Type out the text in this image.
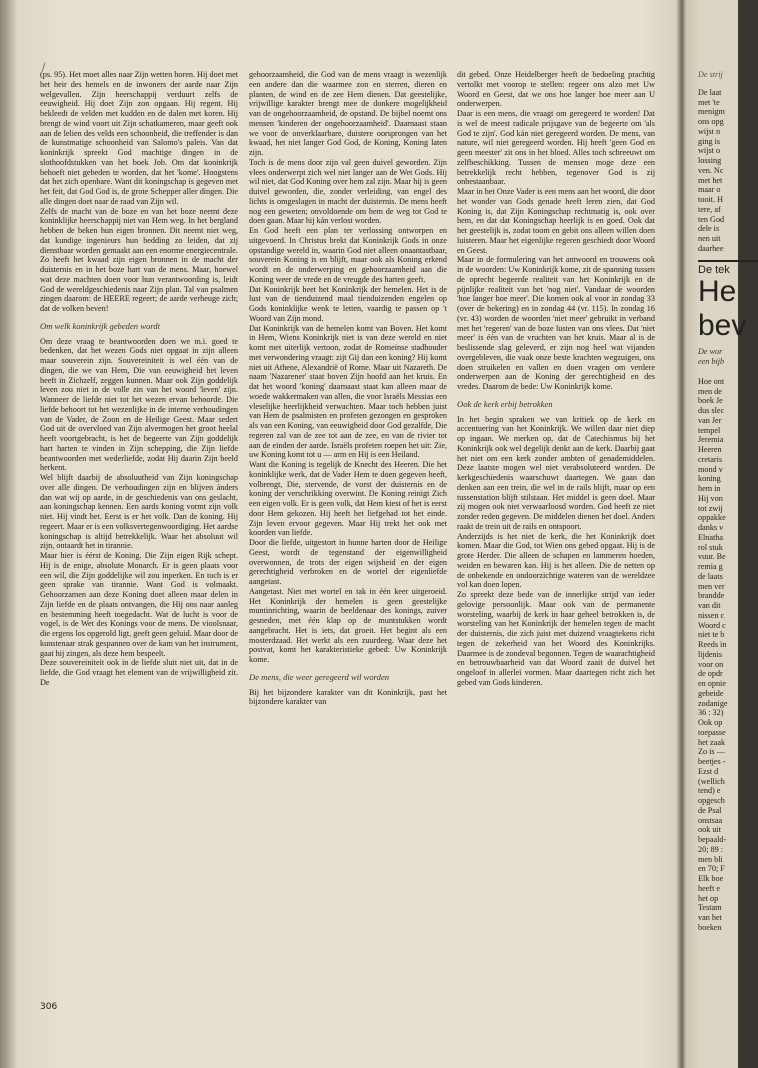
/

(ps. 95). Het moet alles naar Zijn wetten horen. Hij doet met het heir des hemels en de inwoners der aarde naar Zijn welgevallen. Zijn heerschappij verduurt zelfs de eeuwigheid. Hij doet Zijn zon opgaan. Hij regent. Hij bekleedt de velden met kudden en de dalen met koren. Hij brengt de wind voort uit Zijn schatkameren, maar geeft ook aan de lelien des velds een schoonheid, die treffender is dan de kunstmatige schoonheid van Salomo's paleis. Van dat koninkrijk spreekt God machtige dingen in de slothoofdstukken van het boek Job. Om dat koninkrijk behoeft niet gebeden te worden, dat het 'kome'. Hoogstens dat het zich openbare. Want dit koningschap is gegeven met het feit, dat God God is, de grote Schepper aller dingen. Die alle dingen doet naar de raad van Zijn wil.

Zelfs de macht van de boze en van het boze neemt deze koninklijke heerschappij niet van Hem weg. In het bergland hebben de beken hun eigen bronnen. Dit neemt niet weg, dat kundige ingenieurs hun bedding zo leiden, dat zij dienstbaar worden gemaakt aan een enorme energiecentrale. Zo heeft het kwaad zijn eigen bronnen in de macht der duisternis en in het boze hart van de mens. Maar, hoewel wat deze machten doen voor hun verantwoording is, leidt God de wereldgeschiedenis naar Zijn plan. Tal van psalmen zingen daarom: de HEERE regeert; de aarde verheuge zich; dat de volken beven!

Om welk koninkrijk gebeden wordt

Om deze vraag te beantwoorden doen we m.i. goed te bedenken, dat het wezen Gods niet opgaat in zijn alleen maar souverein zijn. Souvereiniteit is wel één van de dingen, die we van Hem, Die van eeuwigheid het leven heeft in Zichzelf, zeggen kunnen. Maar ook Zijn goddelijk leven zou niet in de volle zin van het woord 'leven' zijn. Wanneer de liefde niet tot het wezen ervan behoorde. Die liefde behoort tot het wezenlijke in de interne verhoudingen van de Vader, de Zoon en de Heilige Geest. Maar sedert God uit de overvloed van Zijn alvermogen het groot heelal heeft voortgebracht, is het de begeerte van Zijn goddelijk hart harten te vinden in Zijn schepping, die Zijn liefde beantwoorden met wederliefde, zodat Hij daarin Zijn beeld herkent.

Wel blijft daarbij de absoluutheid van Zijn koningschap over alle dingen. De verhoudingen zijn en blijven ánders dan wat wij op aarde, in de geschiedenis van ons geslacht, aan koningschap kennen. Een aards koning vormt zijn volk niet. Hij vindt het. Eerst is er het volk. Dan de koning. Hij regeert. Maar er is een volksvertegenwoordiging. Het aardse koningschap is altijd betrekkelijk. Waar het absoluut wil zijn, ontaardt het in tirannie.

Maar hier is éérst de Koning. Die Zijn eigen Rijk schept. Hij is de enige, absolute Monarch. Er is geen plaats voor een wil, die Zijn goddelijke wil zou inperken. En toch is er geen sprake van tirannie. Want God is volmaakt. Gehoorzamen aan deze Koning doet alleen maar delen in Zijn liefde en de plaats ontvangen, die Hij ons naar aanleg en bestemming heeft toegedacht. Wat de lucht is voor de vogel, is de Wet des Konings voor de mens. De vioolsnaar, die ergens los opgerold ligt, geeft geen geluid. Maar door de kunstenaar strak gespannen over de kam van het instrument, gaat hij zingen, als deze hem bespeelt.

Deze souvereiniteit ook in de liefde sluit niet uit, dat in de liefde, die God vraagt het element van de vrijwilligheid zit. De

gehoorzaamheid, die God van de mens vraagt is wezenlijk een andere dan die waarmee zon en sterren, dieren en planten, de wind en de zee Hem dienen. Dat geestelijke, vrijwillige karakter brengt mee de donkere mogelijkheid van de ongehoorzaamheid, de opstand. De bijbel noemt ons mensen 'kinderen der ongehoorzaamheid'. Daarnaast staan we voor de onverklaarbare, duistere oorsprongen van het kwaad, het niet langer God God, de Koning, Koning laten zijn.

Toch is de mens door zijn val geen duivel geworden. Zijn vlees onderwerpt zich wel niet langer aan de Wet Gods. Hij wil niet, dat God Koning over hem zal zijn. Maar hij is geen duivel geworden, die, zonder verleiding, van engel des lichts is omgeslagen in macht der duisternis. De mens heeft nog een geweten; onvoldoende om hem de weg tot God te doen gaan. Maar hij kán verlost worden.

En God heeft een plan ter verlossing ontworpen en uitgevoerd. In Christus brekt dat Koninkrijk Gods in onze opstandige wereld in, waarin God niet alleen onaantastbaar, souverein Koning is en blijft, maar ook als Koning erkend wordt en de onderwerping en gehoorzaamheid aan die Koning weer de vrede en de vreugde des harten geeft.

Dat Koninkrijk heet het Koninkrijk der hemelen. Het is de lust van de tienduizend maal tienduizenden engelen op Gods koninklijke wenk te letten, vaardig te passen op 't Woord van Zijn mond.

Dat Koninkrijk van de hemelen komt van Boven. Het komt in Hem, Wiens Koninkrijk niet is van deze wereld en niet komt met uiterlijk vertoon, zodat de Romeinse stadhouder met verwondering vraagt: zijt Gij dan een koning? Hij komt niet uit Athene, Alexandrië of Rome. Maar uit Nazareth. De naam 'Nazarener' staat boven Zijn hoofd aan het kruis. En dat het woord 'koning' daarnaast staat kan alleen maar de woede wakkermaken van allen, die voor Israëls Messias een vleselijke heerlijkheid verwachten. Maar toch hebben juist van Hem de psalmisten en profeten gezongen en gesproken als van een Koning, van eeuwigheid door God gezalfde, Die regeren zal van de zee tot aan de zee, en van de rivier tot aan de einden der aarde. Israëls profeten roepen het uit: Zie, uw Koning komt tot u — arm en Hij is een Heiland.

Want die Koning is tegelijk de Knecht des Heeren. Die het koninklijke werk, dat de Vader Hem te doen gegeven heeft, volbrengt, Die, stervende, de vorst der duisternis en de koning der verschrikking overwint. De Koning reinigt Zich een eigen volk. Er is geen volk, dat Hem kiest of het is eerst door Hem gekozen. Hij heeft het liefgehad tot het einde. Zijn leven ervoor gegeven. Maar Hij trekt het ook met koorden van liefde.

Door die liefde, uitgestort in hunne harten door de Heilige Geest, wordt de tegenstand der eigenwilligheid overwonnen, de trots der eigen wijsheid en der eigen gerechtigheid verbroken en de wortel der eigenliefde aangetast.

Aangetast. Niet met wortel en tak in één keer uitgeroeid. Het Koninkrijk der hemelen is geen geestelijke muntinrichting, waarin de beeldenaar des konings, zuiver gesneden, met één klap op de muntstukken wordt aangebracht. Het is iets, dat groeit. Het begint als een mosterdzaad. Het werkt als een zuurdeeg. Waar deze het postvat, komt het karakteristieke gebed: Uw Koninkrijk kome.

De mens, die weer geregeerd wil worden

Bij het bijzondere karakter van dit Koninkrijk, past het bijzondere karakter van

dit gebed. Onze Heidelberger heeft de bedoeling prachtig vertolkt met voorop te stellen: regeer ons alzo met Uw Woord en Geest, dat we ons hoe langer hoe meer aan U onderwerpen.

Daar is een mens, die vraagt om geregeerd te worden! Dat is wel de meest radicale prijsgave van de begeerte om 'als God te zijn'. God kán niet geregeerd worden. De mens, van nature, wil niet geregeerd worden. Hij heeft 'geen God en geen meester' zit ons in het bloed. Alles toch schreeuwt om zelfbeschikking. Tussen de mensen moge deze een betrekkelijk recht hebben, tegenover God is zij onbestaanbaar.

Maar in het Onze Vader is een mens aan het woord, die door het wonder van Gods genade heeft leren zien, dat God Koning is, dat Zijn Koningschap rechtmatig is, ook over hem, en dat dat Koningschap heerlijk is en goed. Ook dat het geestelijk is, zodat toom en gebit ons alleen willen doen luisteren. Maar het eigenlijke regeren geschiedt door Woord en Geest.

Maar in de formulering van het antwoord en trouwens ook in de woorden: Uw Koninkrijk kome, zit de spanning tussen de oprecht begeerde realiteit van het Koninkrijk en de pijnlijke realiteit van het 'nog niet'. Vandaar de woorden 'hoe langer hoe meer'. Die komen ook al voor in zondag 33 (over de bekering) en in zondag 44 (vr. 115). In zondag 16 (vr. 43) worden de woorden 'niet meer' gebruikt in verband met het 'regeren' van de boze lusten van ons vlees. Dat 'niet meer' is één van de vruchten van het kruis. Maar al is de beslissende slag geleverd, er zijn nog heel wat vijanden overgebleven, die vaak onze beste krachten wegzuigen, ons doen struikelen en vallen en doen vragen om verdere onderwerpen aan de Koning der gerechtigheid en des vredes. Daarom de bede: Uw Koninkrijk kome.

Ook de kerk erbij betrokken

In het begin spraken we van kritiek op de kerk en accentuering van het Koninkrijk. We willen daar niet diep op ingaan. We merken op, dat de Catechismus bij het Koninkrijk ook wel degelijk denkt aan de kerk. Daarbij gaat het niet om een kerk zonder ambten of genademiddelen. Deze laatste mogen wel niet verabsoluteerd worden. De kerkgeschiedenis waarschuwt daartegen. We gaan dan denken aan een trein, die wel in de rails blijft, maar op een tussenstation blijft stilstaan. Het middel is geen doel. Maar zij mogen ook niet verwaarloosd worden. God heeft ze niet zonder reden gegeven. De middelen dienen het doel. Anders raakt de trein uit de rails en ontspoort.

Anderzijds is het niet de kerk, die het Koninkrijk doet komen. Maar die God, tot Wien ons gebed opgaat. Hij is de grote Herder. Die alleen de schapen en lammeren hoeden, weiden en bewaren kan. Hij is het alleen. Die de netten op de onbekende en ondoorzichtige wateren van de wereldzee vol kan doen lopen.

Zo spreekt deze bede van de innerlijke strijd van ieder gelovige persoonlijk. Maar ook van de permanente worsteling, waarbij de kerk in haar geheel betrokken is, de worsteling van het Koninkrijk der hemelen tegen de macht der duisternis, die zich juist met duizend vraagtekens richt tegen de zekerheid van het Woord des Koninkrijks. Daarmee is de zondeval begonnen. Tegen de waarachtigheid en betrouwbaarheid van dat Woord zaait de duivel het ongeloof in allerlei vormen. Maar daartegen richt zich het gebed van Gods kinderen.

De strij
De laat
met 'te
menigm
ons opg
wijst n
ging is
wijst o
lossing
ven. Nc
met het
maar o
tooit. H
tere, af
ten God
dele is
nen uit
daarhee
De tek
He
bev
De wor
een bijb
Hoe ont
men de
boek Je
dus slec
van Jer
tempel
Jeremia
Heeren
cretaris
mond v
koning
hem in
Hij von
tot zwij
oppakke
danks v
Elnatha
rol stuk
vuur. Be
remia g
de laats
men ver
brandde
van dit
nissen c
Woord c
niet te b
Reeds in
lijdenis
voor on
de opdr
en opnie
gebeide
zodanige
36 : 32)
Ook op
toepasse
het zaak
Zo is —
beetjes -
Ezst d
(wellich
tend) e
opgesch
de Psal
onstsaa
ook uit
bepaald-
20; 89 :
men bli
en 70; F
Elk boe
heeft e
het op
Testam
van het
boeken
306
